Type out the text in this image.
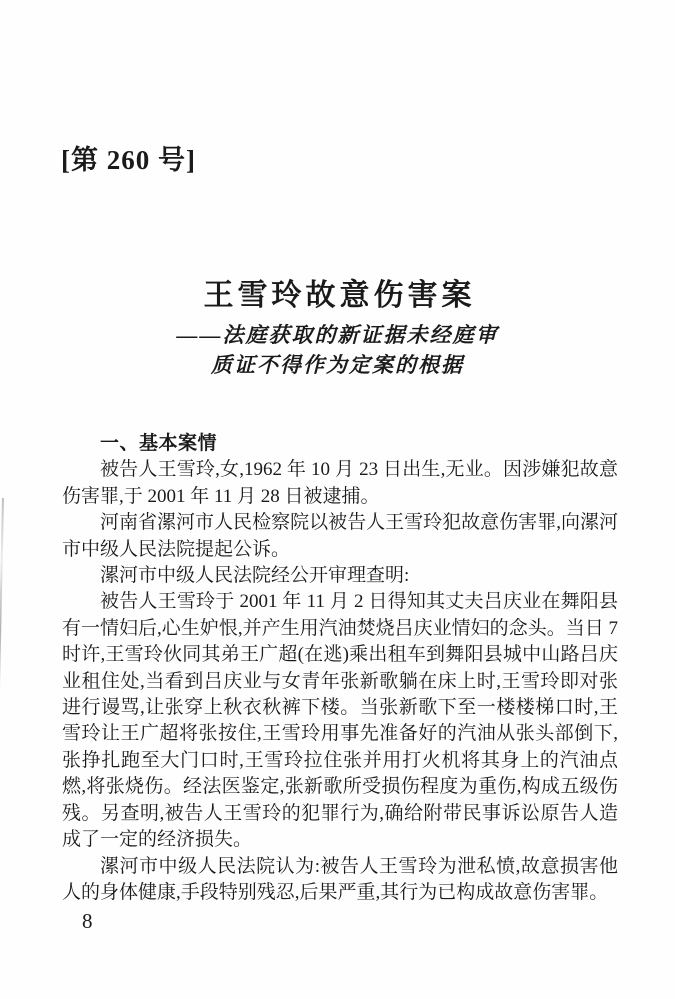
[第 260 号]
王雪玲故意伤害案
——法庭获取的新证据未经庭审
质证不得作为定案的根据
一、基本案情

被告人王雪玲,女,1962 年 10 月 23 日出生,无业。因涉嫌犯故意伤害罪,于 2001 年 11 月 28 日被逮捕。

河南省漯河市人民检察院以被告人王雪玲犯故意伤害罪,向漯河市中级人民法院提起公诉。

漯河市中级人民法院经公开审理查明:

被告人王雪玲于 2001 年 11 月 2 日得知其丈夫吕庆业在舞阳县有一情妇后,心生妒恨,并产生用汽油焚烧吕庆业情妇的念头。当日 7 时许,王雪玲伙同其弟王广超(在逃)乘出租车到舞阳县城中山路吕庆业租住处,当看到吕庆业与女青年张新歌躺在床上时,王雪玲即对张进行谩骂,让张穿上秋衣秋裤下楼。当张新歌下至一楼楼梯口时,王雪玲让王广超将张按住,王雪玲用事先准备好的汽油从张头部倒下,张挣扎跑至大门口时,王雪玲拉住张并用打火机将其身上的汽油点燃,将张烧伤。经法医鉴定,张新歌所受损伤程度为重伤,构成五级伤残。另查明,被告人王雪玲的犯罪行为,确给附带民事诉讼原告人造成了一定的经济损失。

漯河市中级人民法院认为:被告人王雪玲为泄私愤,故意损害他人的身体健康,手段特别残忍,后果严重,其行为已构成故意伤害罪。

8
